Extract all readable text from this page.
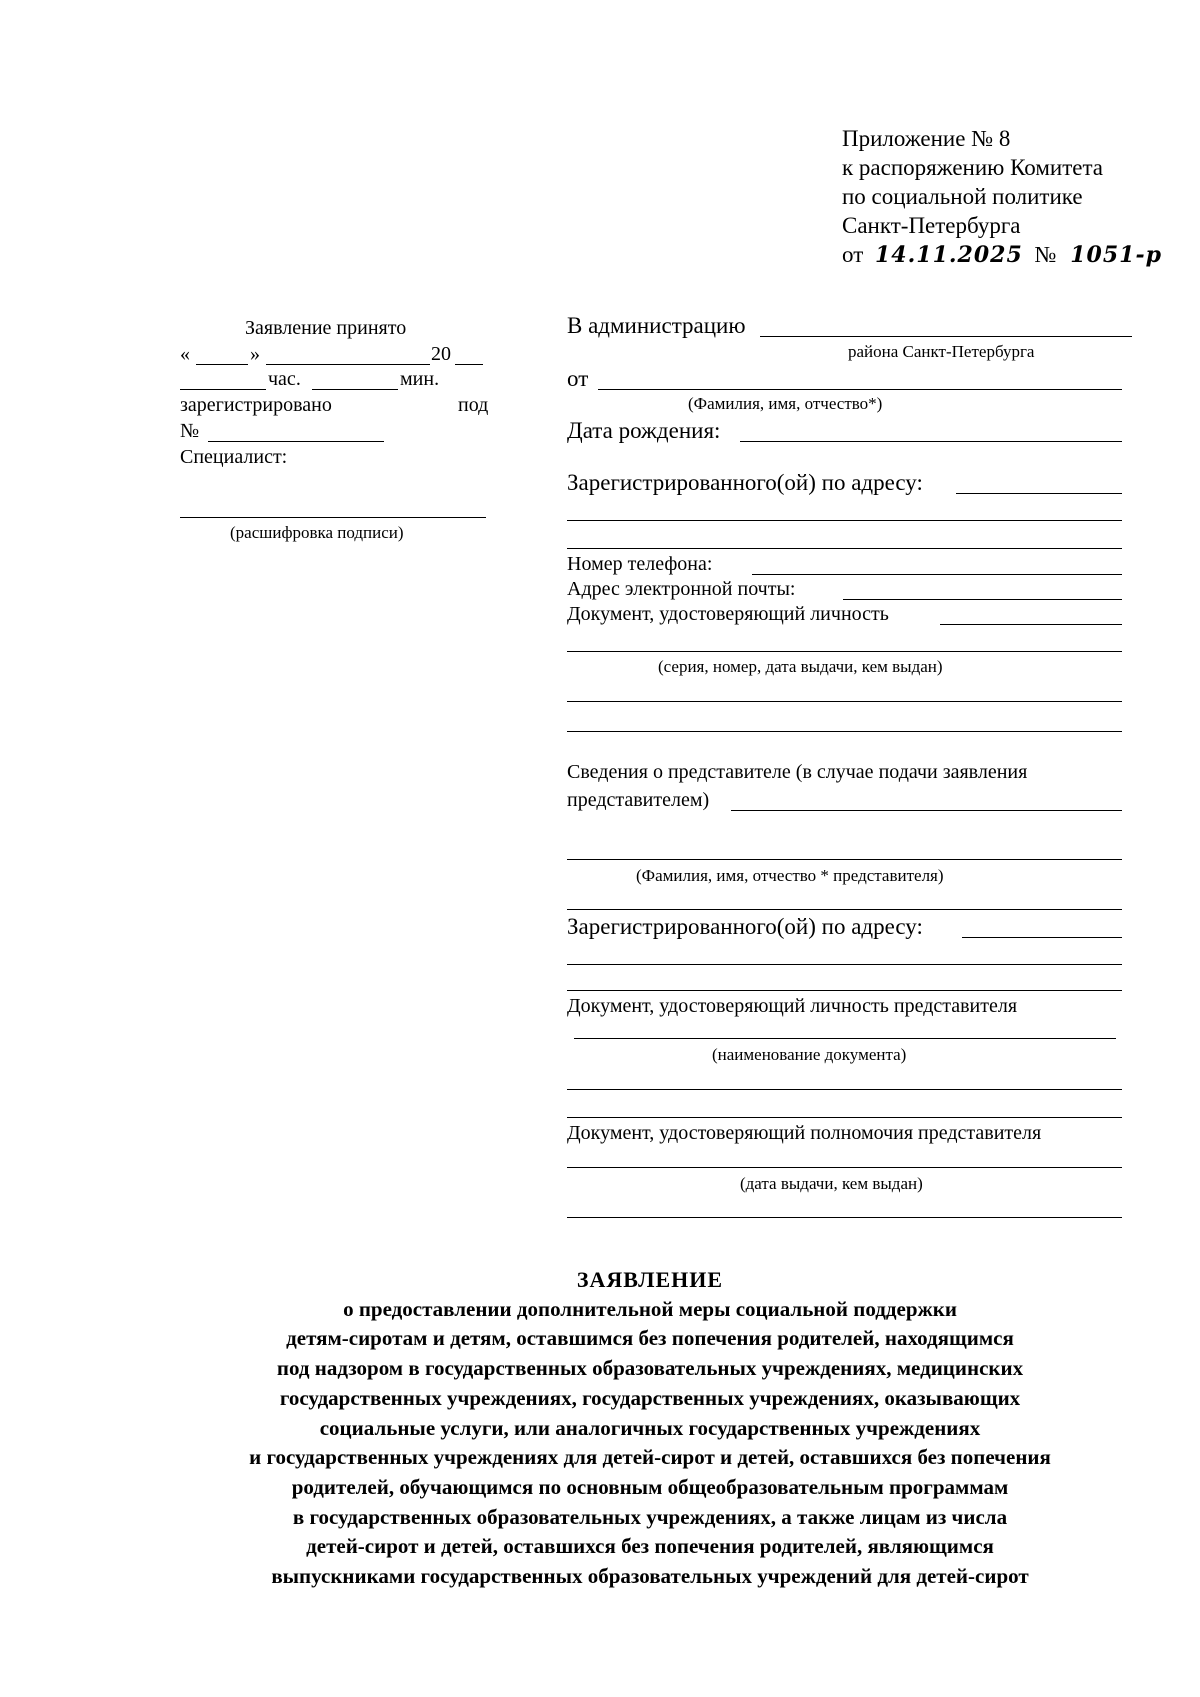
Приложение № 8
к распоряжению Комитета
по социальной политике
Санкт-Петербурга
от 14.11.2025 № 1051-р
Заявление принято
«	»	20
час.	мин.
зарегистрировано	под
№
Специалист:
(расшифровка подписи)
В администрацию
района Санкт-Петербурга
от
(Фамилия, имя, отчество*)
Дата рождения:
Зарегистрированного(ой) по адресу:
Номер телефона:
Адрес электронной почты:
Документ, удостоверяющий личность
(серия, номер, дата выдачи, кем выдан)
Сведения о представителе (в случае подачи заявления
представителем)
(Фамилия, имя, отчество * представителя)
Зарегистрированного(ой) по адресу:
Документ, удостоверяющий личность представителя
(наименование документа)
Документ, удостоверяющий полномочия представителя
(дата выдачи, кем выдан)
ЗАЯВЛЕНИЕ
о предоставлении дополнительной меры социальной поддержки
детям-сиротам и детям, оставшимся без попечения родителей, находящимся
под надзором в государственных образовательных учреждениях, медицинских
государственных учреждениях, государственных учреждениях, оказывающих
социальные услуги, или аналогичных государственных учреждениях
и государственных учреждениях для детей-сирот и детей, оставшихся без попечения
родителей, обучающимся по основным общеобразовательным программам
в государственных образовательных учреждениях, а также лицам из числа
детей-сирот и детей, оставшихся без попечения родителей, являющимся
выпускниками государственных образовательных учреждений для детей-сирот
